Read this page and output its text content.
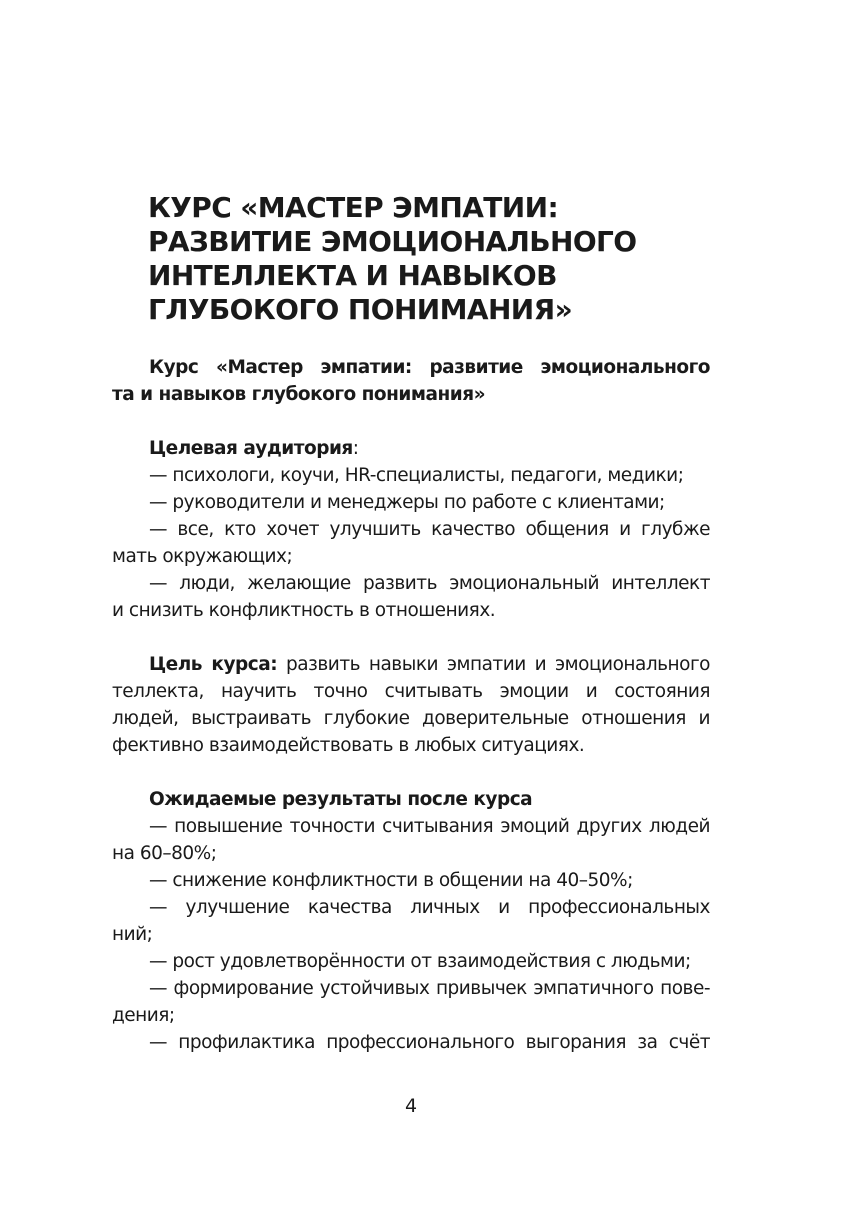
КУРС «МАСТЕР ЭМПАТИИ:
РАЗВИТИЕ ЭМОЦИОНАЛЬНОГО
ИНТЕЛЛЕКТА И НАВЫКОВ
ГЛУБОКОГО ПОНИМАНИЯ»
Курс «Мастер эмпатии: развитие эмоционального
та и навыков глубокого понимания»
Целевая аудитория:
— психологи, коучи, HR-специалисты, педагоги, медики;
— руководители и менеджеры по работе с клиентами;
— все, кто хочет улучшить качество общения и глубже
мать окружающих;
— люди, желающие развить эмоциональный интеллект
и снизить конфликтность в отношениях.
Цель курса: развить навыки эмпатии и эмоционального
теллекта, научить точно считывать эмоции и состояния
людей, выстраивать глубокие доверительные отношения и
фективно взаимодействовать в любых ситуациях.
Ожидаемые результаты после курса
— повышение точности считывания эмоций других людей
на 60–80%;
— снижение конфликтности в общении на 40–50%;
— улучшение качества личных и профессиональных
ний;
— рост удовлетворённости от взаимодействия с людьми;
— формирование устойчивых привычек эмпатичного пове-
дения;
— профилактика профессионального выгорания за счёт
4
